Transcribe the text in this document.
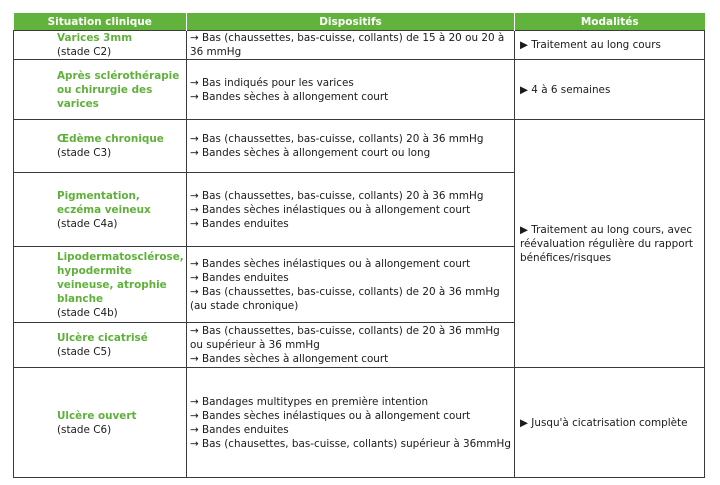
Situation clinique	Dispositifs	Modalités

Varices 3mm
(stade C2)	→ Bas (chaussettes, bas-cuisse, collants) de 15 à 20 ou 20 à 36 mmHg	▶ Traitement au long cours

Après sclérothérapie ou chirurgie des varices	→ Bas indiqués pour les varices
→ Bandes sèches à allongement court	▶ 4 à 6 semaines

Œdème chronique
(stade C3)	→ Bas (chaussettes, bas-cuisse, collants) 20 à 36 mmHg
→ Bandes sèches à allongement court ou long	▶ Traitement au long cours, avec réévaluation régulière du rapport bénéfices/risques

Pigmentation, eczéma veineux
(stade C4a)	→ Bas (chaussettes, bas-cuisse, collants) 20 à 36 mmHg
→ Bandes sèches inélastiques ou à allongement court
→ Bandes enduites	

Lipodermatosclérose, hypodermite veineuse, atrophie blanche
(stade C4b)	→ Bandes sèches inélastiques ou à allongement court
→ Bandes enduites
→ Bas (chaussettes, bas-cuisse, collants) de 20 à 36 mmHg (au stade chronique)	

Ulcère cicatrisé
(stade C5)	→ Bas (chaussettes, bas-cuisse, collants) de 20 à 36 mmHg ou supérieur à 36 mmHg
→ Bandes sèches à allongement court	

Ulcère ouvert
(stade C6)	→ Bandages multitypes en première intention
→ Bandes sèches inélastiques ou à allongement court
→ Bandes enduites
→ Bas (chausettes, bas-cuisse, collants) supérieur à 36mmHg	▶ Jusqu'à cicatrisation complète
